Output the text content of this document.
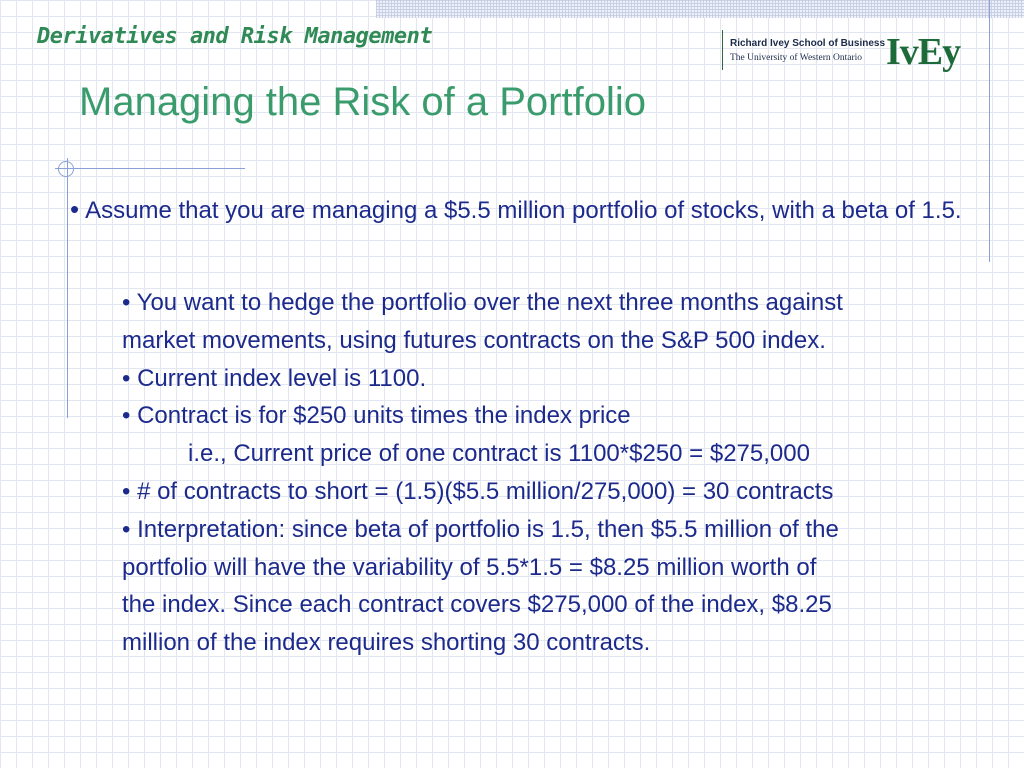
Derivatives and Risk Management	Richard Ivey School of Business
The University of Western Ontario IvEy
Managing the Risk of a Portfolio
• Assume that you are managing a $5.5 million portfolio of stocks, with a beta of 1.5.
• You want to hedge the portfolio over the next three months against
market movements, using futures contracts on the S&P 500 index.
• Current index level is 1100.
• Contract is for $250 units times the index price
i.e., Current price of one contract is 1100*$250 = $275,000
• # of contracts to short = (1.5)($5.5 million/275,000) = 30 contracts
• Interpretation: since beta of portfolio is 1.5, then $5.5 million of the
portfolio will have the variability of 5.5*1.5 = $8.25 million worth of
the index. Since each contract covers $275,000 of the index, $8.25
million of the index requires shorting 30 contracts.
